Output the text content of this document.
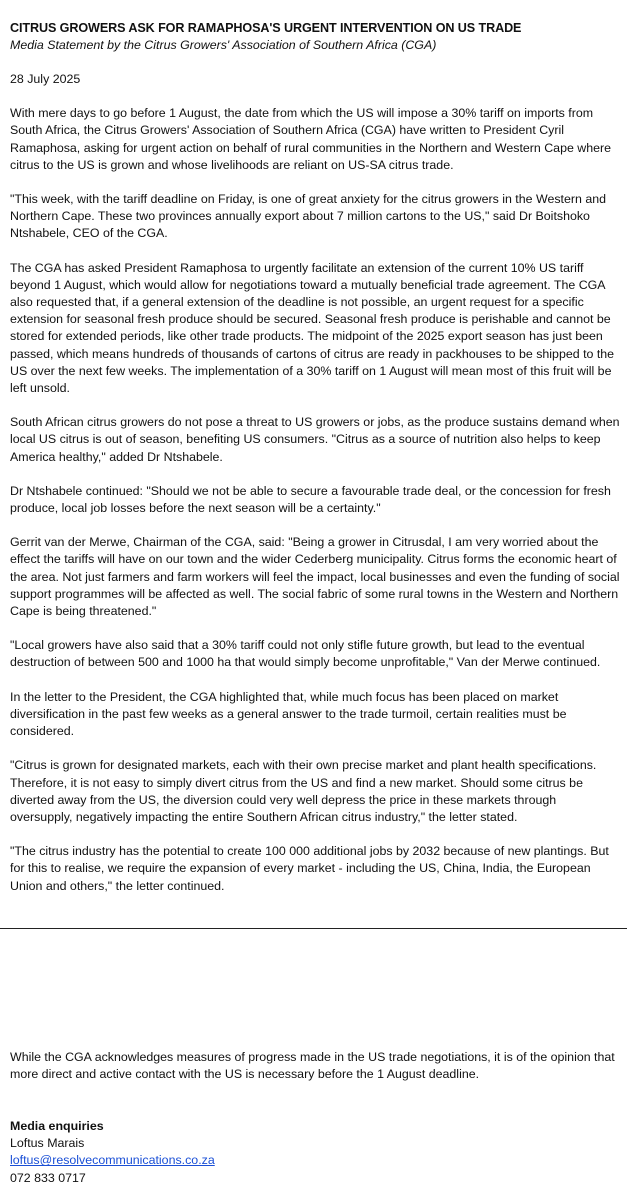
CITRUS GROWERS ASK FOR RAMAPHOSA'S URGENT INTERVENTION ON US TRADE

Media Statement by the Citrus Growers' Association of Southern Africa (CGA)

28 July 2025

With mere days to go before 1 August, the date from which the US will impose a 30% tariff on imports from South Africa, the Citrus Growers' Association of Southern Africa (CGA) have written to President Cyril Ramaphosa, asking for urgent action on behalf of rural communities in the Northern and Western Cape where citrus to the US is grown and whose livelihoods are reliant on US-SA citrus trade.

"This week, with the tariff deadline on Friday, is one of great anxiety for the citrus growers in the Western and Northern Cape. These two provinces annually export about 7 million cartons to the US," said Dr Boitshoko Ntshabele, CEO of the CGA.

The CGA has asked President Ramaphosa to urgently facilitate an extension of the current 10% US tariff beyond 1 August, which would allow for negotiations toward a mutually beneficial trade agreement. The CGA also requested that, if a general extension of the deadline is not possible, an urgent request for a specific extension for seasonal fresh produce should be secured. Seasonal fresh produce is perishable and cannot be stored for extended periods, like other trade products. The midpoint of the 2025 export season has just been passed, which means hundreds of thousands of cartons of citrus are ready in packhouses to be shipped to the US over the next few weeks. The implementation of a 30% tariff on 1 August will mean most of this fruit will be left unsold.

South African citrus growers do not pose a threat to US growers or jobs, as the produce sustains demand when local US citrus is out of season, benefiting US consumers. "Citrus as a source of nutrition also helps to keep America healthy," added Dr Ntshabele.

Dr Ntshabele continued: "Should we not be able to secure a favourable trade deal, or the concession for fresh produce, local job losses before the next season will be a certainty."

Gerrit van der Merwe, Chairman of the CGA, said: "Being a grower in Citrusdal, I am very worried about the effect the tariffs will have on our town and the wider Cederberg municipality. Citrus forms the economic heart of the area. Not just farmers and farm workers will feel the impact, local businesses and even the funding of social support programmes will be affected as well. The social fabric of some rural towns in the Western and Northern Cape is being threatened."

"Local growers have also said that a 30% tariff could not only stifle future growth, but lead to the eventual destruction of between 500 and 1000 ha that would simply become unprofitable," Van der Merwe continued.

In the letter to the President, the CGA highlighted that, while much focus has been placed on market diversification in the past few weeks as a general answer to the trade turmoil, certain realities must be considered.

"Citrus is grown for designated markets, each with their own precise market and plant health specifications. Therefore, it is not easy to simply divert citrus from the US and find a new market. Should some citrus be diverted away from the US, the diversion could very well depress the price in these markets through oversupply, negatively impacting the entire Southern African citrus industry," the letter stated.

"The citrus industry has the potential to create 100 000 additional jobs by 2032 because of new plantings. But for this to realise, we require the expansion of every market - including the US, China, India, the European Union and others," the letter continued.

While the CGA acknowledges measures of progress made in the US trade negotiations, it is of the opinion that more direct and active contact with the US is necessary before the 1 August deadline.

Media enquiries

Loftus Marais

loftus@resolvecommunications.co.za

072 833 0717
